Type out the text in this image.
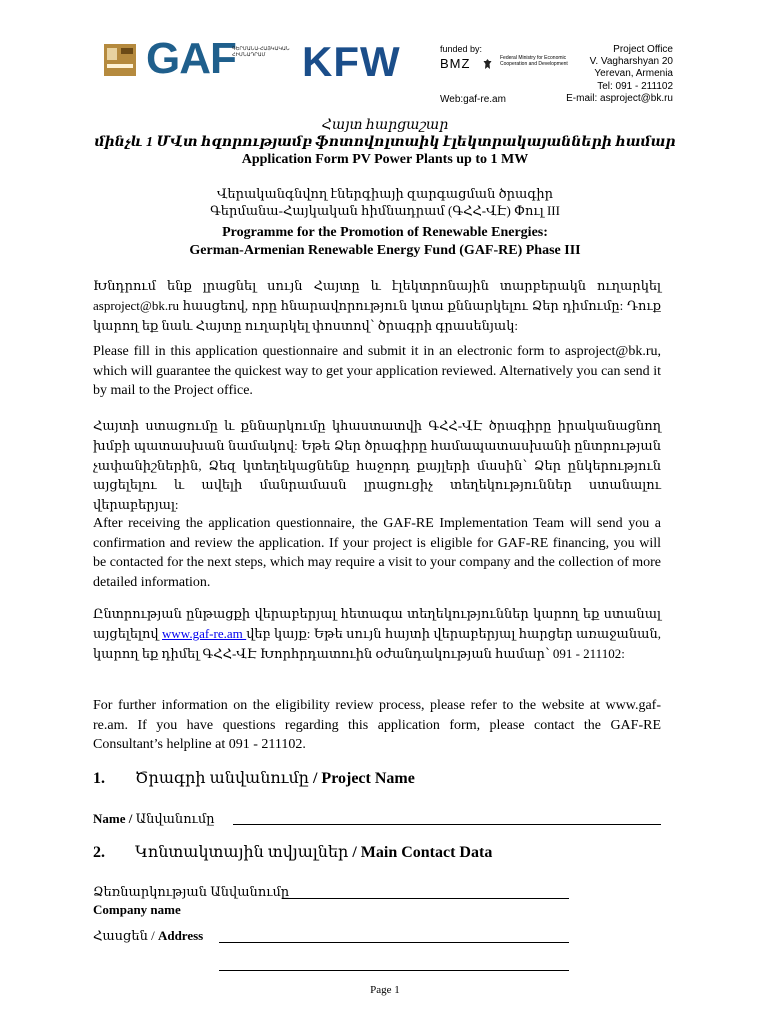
GAF
ԳԵՐՄԱՆԱ-ՀԱՅԿԱԿԱՆ ՀԻՄՆԱԴՐԱՄ KFW	funded by:
BMZ	Federal Ministry for Economic Cooperation and Development
Web:gaf-re.am
Project Office
V. Vagharshyan 20
Yerevan, Armenia
Tel: 091 - 211102
E-mail: asproject@bk.ru
Հայտ հարցաշար
մինչև 1 ՄՎտ հզորությամբ ֆոտովոլտաիկ էլեկտրակայանների համար
Application Form PV Power Plants up to 1 MW
Վերականգնվող էներգիայի զարգացման ծրագիր
Գերմանա-Հայկական հիմնադրամ (ԳՀՀ-ՎԷ) Փուլ III
Programme for the Promotion of Renewable Energies:
German-Armenian Renewable Energy Fund (GAF-RE) Phase III
Խնդրում ենք լրացնել սույն Հայտը և էլեկտրոնային տարբերակն ուղարկել asproject@bk.ru հասցեով, որը հնարավորություն կտա քննարկելու Ձեր դիմումը: Դուք կարող եք նաև Հայտը ուղարկել փոստով՝ ծրագրի գրասենյակ:
Please fill in this application questionnaire and submit it in an electronic form to asproject@bk.ru, which will guarantee the quickest way to get your application reviewed. Alternatively you can send it by mail to the Project office.
Հայտի ստացումը և քննարկումը կհաստատվի ԳՀՀ-ՎԷ ծրագիրը իրականացնող խմբի պատասխան նամակով: Եթե Ձեր ծրագիրը համապատասխանի ընտրության չափանիշներին, Ձեզ կտեղեկացնենք հաջորդ քայլերի մասին՝ Ձեր ընկերություն այցելելու և ավելի մանրամասն լրացուցիչ տեղեկություններ ստանալու վերաբերյալ:
After receiving the application questionnaire, the GAF-RE Implementation Team will send you a confirmation and review the application. If your project is eligible for GAF-RE financing, you will be contacted for the next steps, which may require a visit to your company and the collection of more detailed information.
Ընտրության ընթացքի վերաբերյալ հետագա տեղեկություններ կարող եք ստանալ այցելելով www.gaf-re.am վեբ կայք: Եթե սույն հայտի վերաբերյալ հարցեր առաջանան, կարող եք դիմել ԳՀՀ-ՎԷ Խորհրդատուին օժանդակության համար՝ 091 - 211102:
For further information on the eligibility review process, please refer to the website at www.gaf-re.am. If you have questions regarding this application form, please contact the GAF-RE Consultant’s helpline at 091 - 211102.
1. Ծրագրի անվանումը / Project Name
Name / Անվանումը
2. Կոնտակտային տվյալներ / Main Contact Data
Ձեռնարկության Անվանումը
Company name
Հասցեն / Address
Page 1
